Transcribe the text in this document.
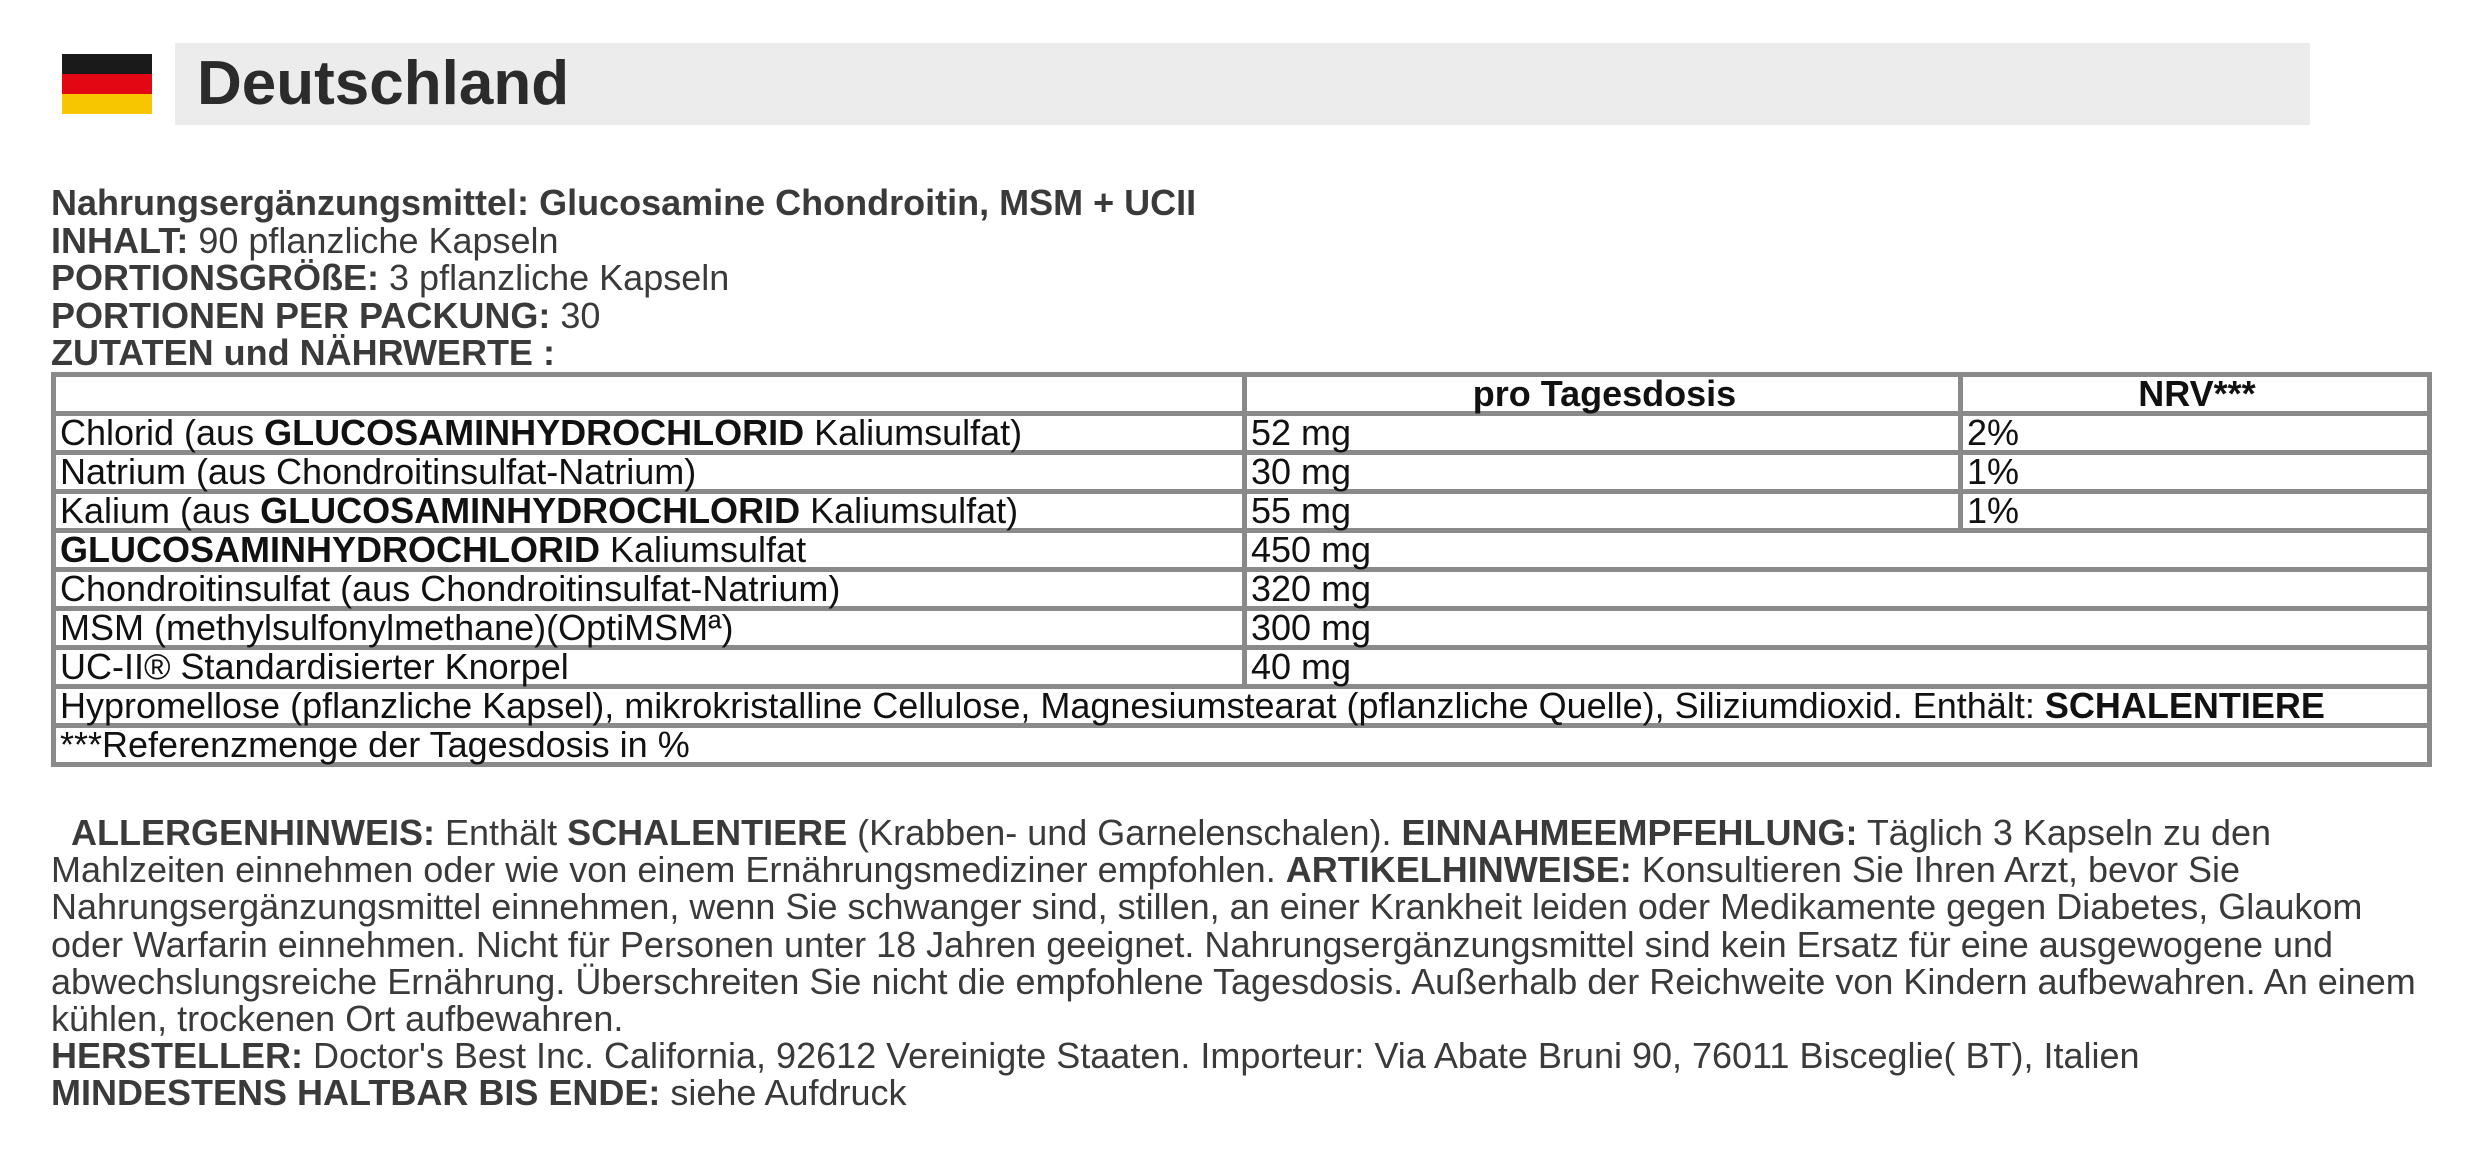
Deutschland
Nahrungsergänzungsmittel: Glucosamine Chondroitin, MSM + UCII
INHALT: 90 pflanzliche Kapseln
PORTIONSGRÖßE: 3 pflanzliche Kapseln
PORTIONEN PER PACKUNG: 30
ZUTATEN und NÄHRWERTE :
	pro Tagesdosis	NRV***
Chlorid (aus GLUCOSAMINHYDROCHLORID Kaliumsulfat)	52 mg	2%
Natrium (aus Chondroitinsulfat-Natrium)	30 mg	1%
Kalium (aus GLUCOSAMINHYDROCHLORID Kaliumsulfat)	55 mg	1%
GLUCOSAMINHYDROCHLORID Kaliumsulfat	450 mg	
Chondroitinsulfat (aus Chondroitinsulfat-Natrium)	320 mg	
MSM (methylsulfonylmethane)(OptiMSMª)	300 mg	
UC-II® Standardisierter Knorpel	40 mg	
Hypromellose (pflanzliche Kapsel), mikrokristalline Cellulose, Magnesiumstearat (pflanzliche Quelle), Siliziumdioxid. Enthält: SCHALENTIERE		
***Referenzmenge der Tagesdosis in %		

ALLERGENHINWEIS: Enthält SCHALENTIERE (Krabben- und Garnelenschalen). EINNAHMEEMPFEHLUNG: Täglich 3 Kapseln zu den Mahlzeiten einnehmen oder wie von einem Ernährungsmediziner empfohlen. ARTIKELHINWEISE: Konsultieren Sie Ihren Arzt, bevor Sie Nahrungsergänzungsmittel einnehmen, wenn Sie schwanger sind, stillen, an einer Krankheit leiden oder Medikamente gegen Diabetes, Glaukom oder Warfarin einnehmen. Nicht für Personen unter 18 Jahren geeignet. Nahrungsergänzungsmittel sind kein Ersatz für eine ausgewogene und abwechslungsreiche Ernährung. Überschreiten Sie nicht die empfohlene Tagesdosis. Außerhalb der Reichweite von Kindern aufbewahren. An einem kühlen, trockenen Ort aufbewahren.

HERSTELLER: Doctor's Best Inc. California, 92612 Vereinigte Staaten. Importeur: Via Abate Bruni 90, 76011 Bisceglie( BT), Italien

MINDESTENS HALTBAR BIS ENDE: siehe Aufdruck
